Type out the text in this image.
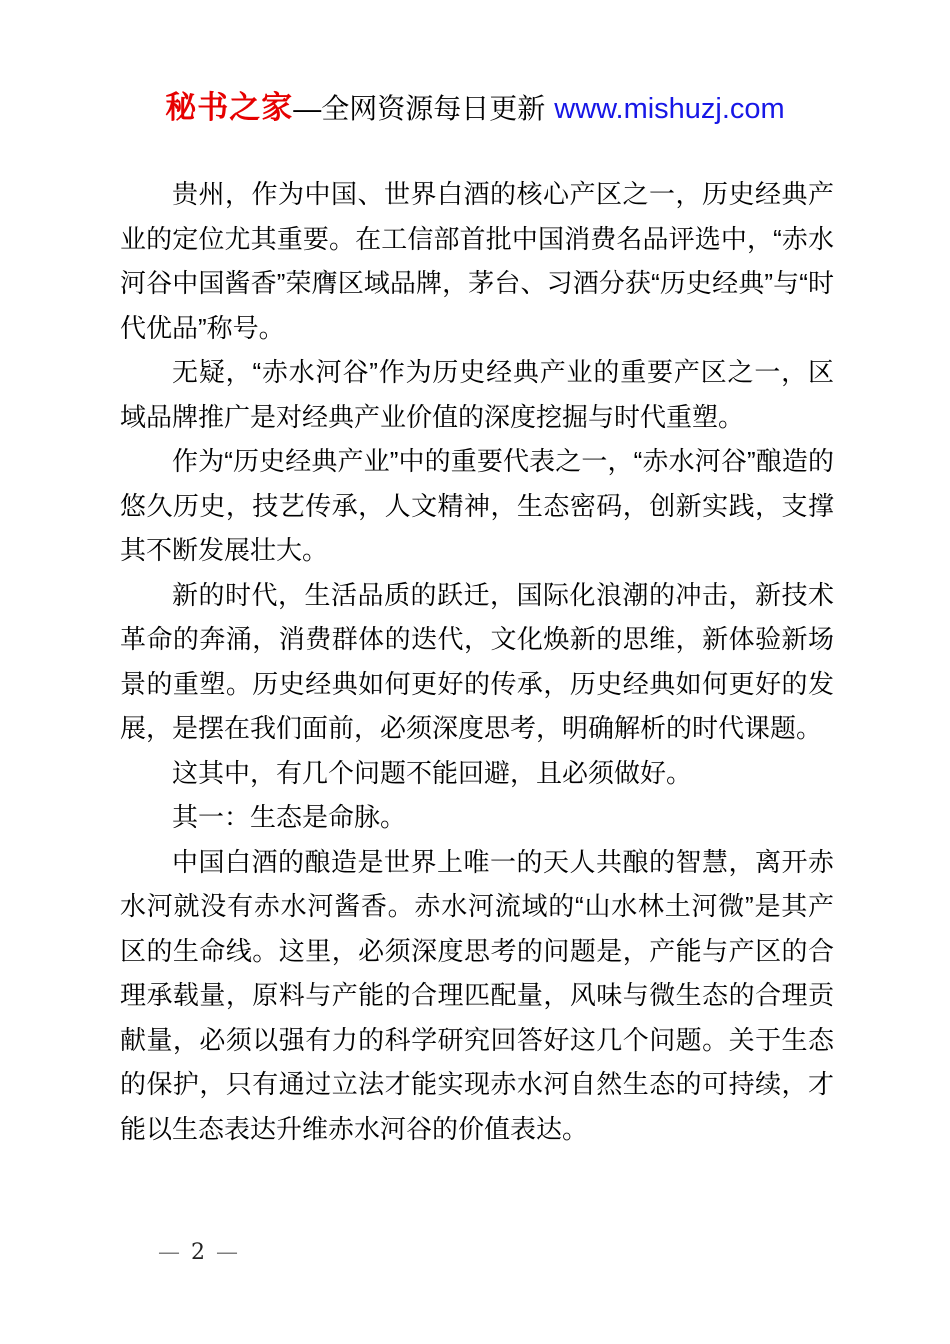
秘书之家—全网资源每日更新 www.mishuzj.com

贵州，作为中国、世界白酒的核心产区之一，历史经典产业的定位尤其重要。在工信部首批中国消费名品评选中，“赤水河谷中国酱香”荣膺区域品牌，茅台、习酒分获“历史经典”与“时代优品”称号。

无疑，“赤水河谷”作为历史经典产业的重要产区之一，区域品牌推广是对经典产业价值的深度挖掘与时代重塑。

作为“历史经典产业”中的重要代表之一，“赤水河谷”酿造的悠久历史，技艺传承，人文精神，生态密码，创新实践，支撑其不断发展壮大。

新的时代，生活品质的跃迁，国际化浪潮的冲击，新技术革命的奔涌，消费群体的迭代，文化焕新的思维，新体验新场景的重塑。历史经典如何更好的传承，历史经典如何更好的发展，是摆在我们面前，必须深度思考，明确解析的时代课题。

这其中，有几个问题不能回避，且必须做好。

其一：生态是命脉。

中国白酒的酿造是世界上唯一的天人共酿的智慧，离开赤水河就没有赤水河酱香。赤水河流域的“山水林土河微”是其产区的生命线。这里，必须深度思考的问题是，产能与产区的合理承载量，原料与产能的合理匹配量，风味与微生态的合理贡献量，必须以强有力的科学研究回答好这几个问题。关于生态的保护，只有通过立法才能实现赤水河自然生态的可持续，才能以生态表达升维赤水河谷的价值表达。

— 2 —
